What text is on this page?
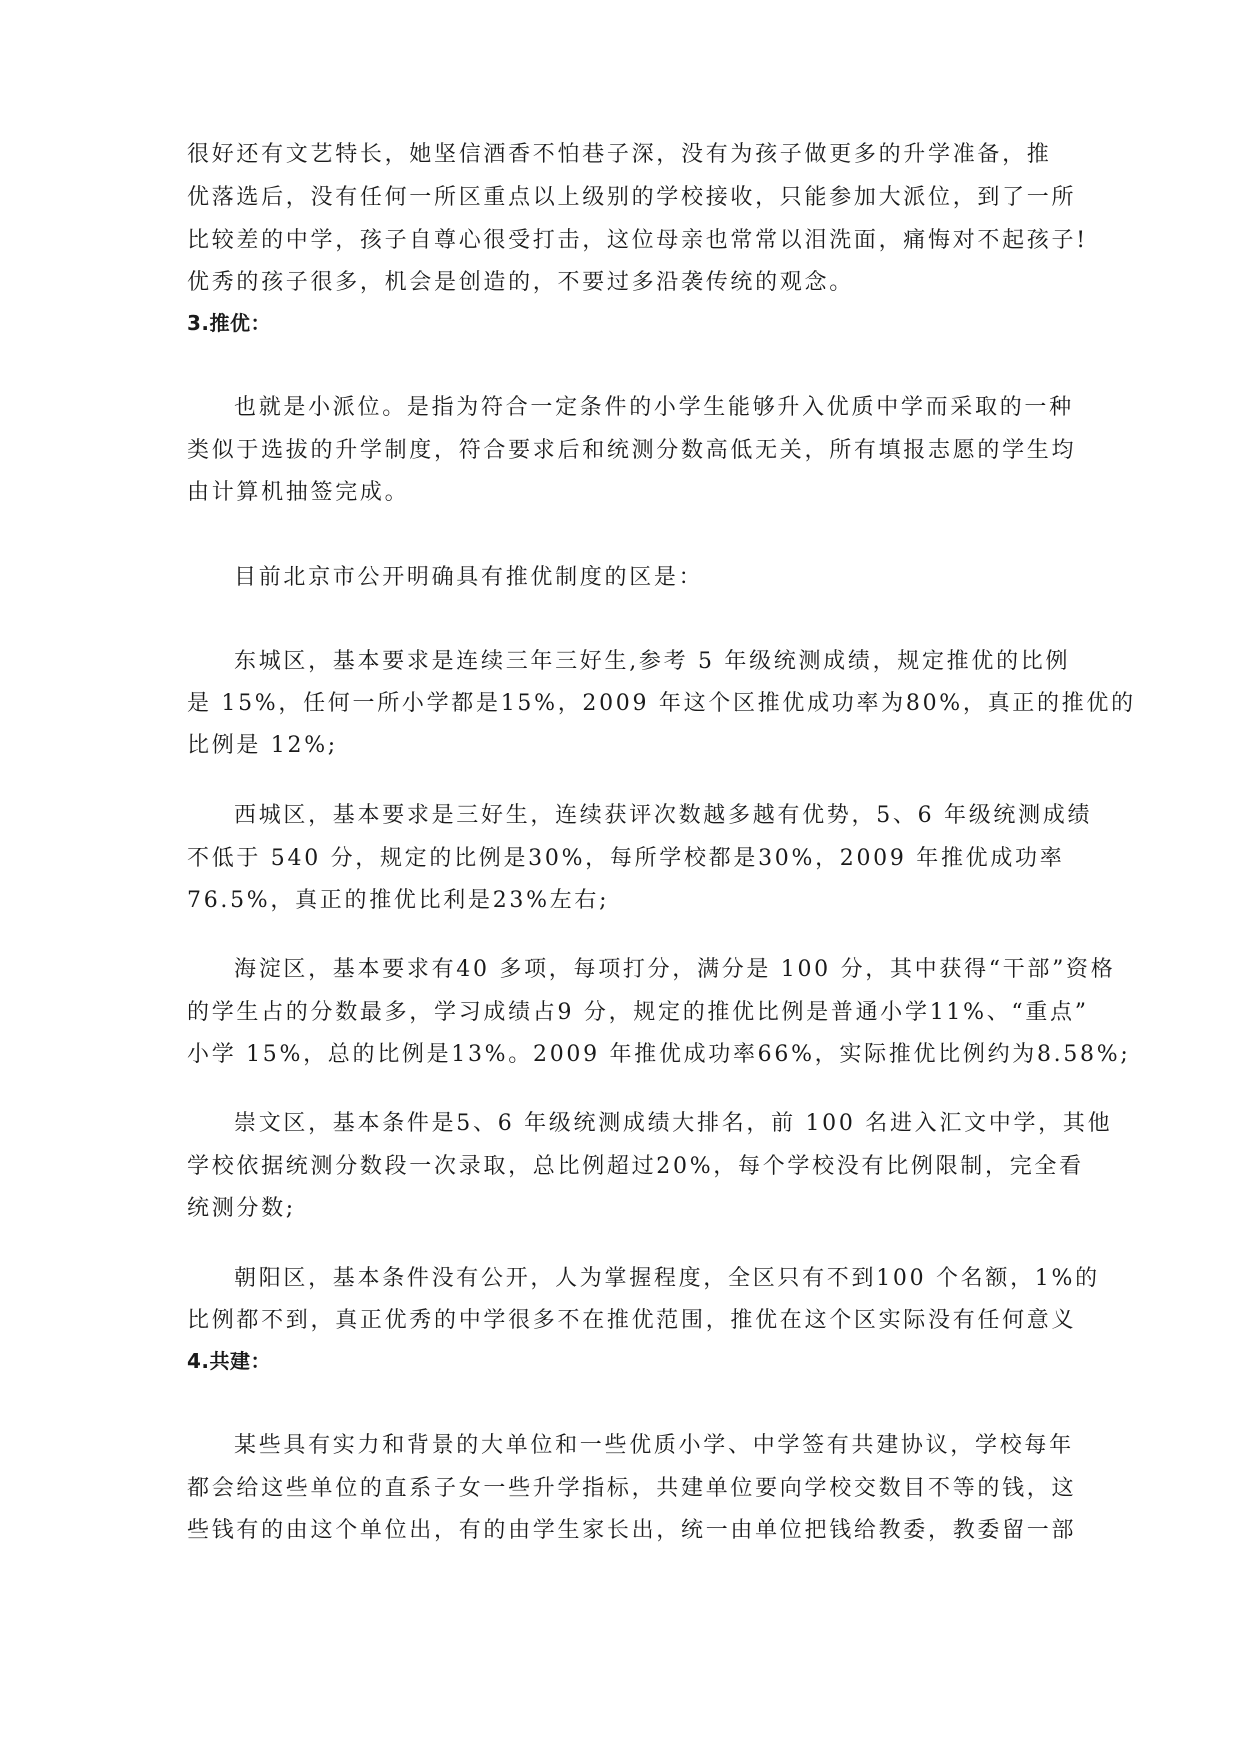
很好还有文艺特长，她坚信酒香不怕巷子深，没有为孩子做更多的升学准备，推
优落选后，没有任何一所区重点以上级别的学校接收，只能参加大派位，到了一所
比较差的中学，孩子自尊心很受打击，这位母亲也常常以泪洗面，痛悔对不起孩子!
优秀的孩子很多，机会是创造的，不要过多沿袭传统的观念。
3.推优：
也就是小派位。是指为符合一定条件的小学生能够升入优质中学而采取的一种
类似于选拔的升学制度，符合要求后和统测分数高低无关，所有填报志愿的学生均
由计算机抽签完成。
目前北京市公开明确具有推优制度的区是：
东城区，基本要求是连续三年三好生,参考 5 年级统测成绩，规定推优的比例
是 15%，任何一所小学都是15%，2009 年这个区推优成功率为80%，真正的推优的
比例是 12%;
西城区，基本要求是三好生，连续获评次数越多越有优势，5、6 年级统测成绩
不低于 540 分，规定的比例是30%，每所学校都是30%，2009 年推优成功率
76.5%，真正的推优比利是23%左右;
海淀区，基本要求有40 多项，每项打分，满分是 100 分，其中获得“干部”资格
的学生占的分数最多，学习成绩占9 分，规定的推优比例是普通小学11%、“重点”
小学 15%，总的比例是13%。2009 年推优成功率66%，实际推优比例约为8.58%;
崇文区，基本条件是5、6 年级统测成绩大排名，前 100 名进入汇文中学，其他
学校依据统测分数段一次录取，总比例超过20%，每个学校没有比例限制，完全看
统测分数;
朝阳区，基本条件没有公开，人为掌握程度，全区只有不到100 个名额，1%的
比例都不到，真正优秀的中学很多不在推优范围，推优在这个区实际没有任何意义
4.共建：
某些具有实力和背景的大单位和一些优质小学、中学签有共建协议，学校每年
都会给这些单位的直系子女一些升学指标，共建单位要向学校交数目不等的钱，这
些钱有的由这个单位出，有的由学生家长出，统一由单位把钱给教委，教委留一部
